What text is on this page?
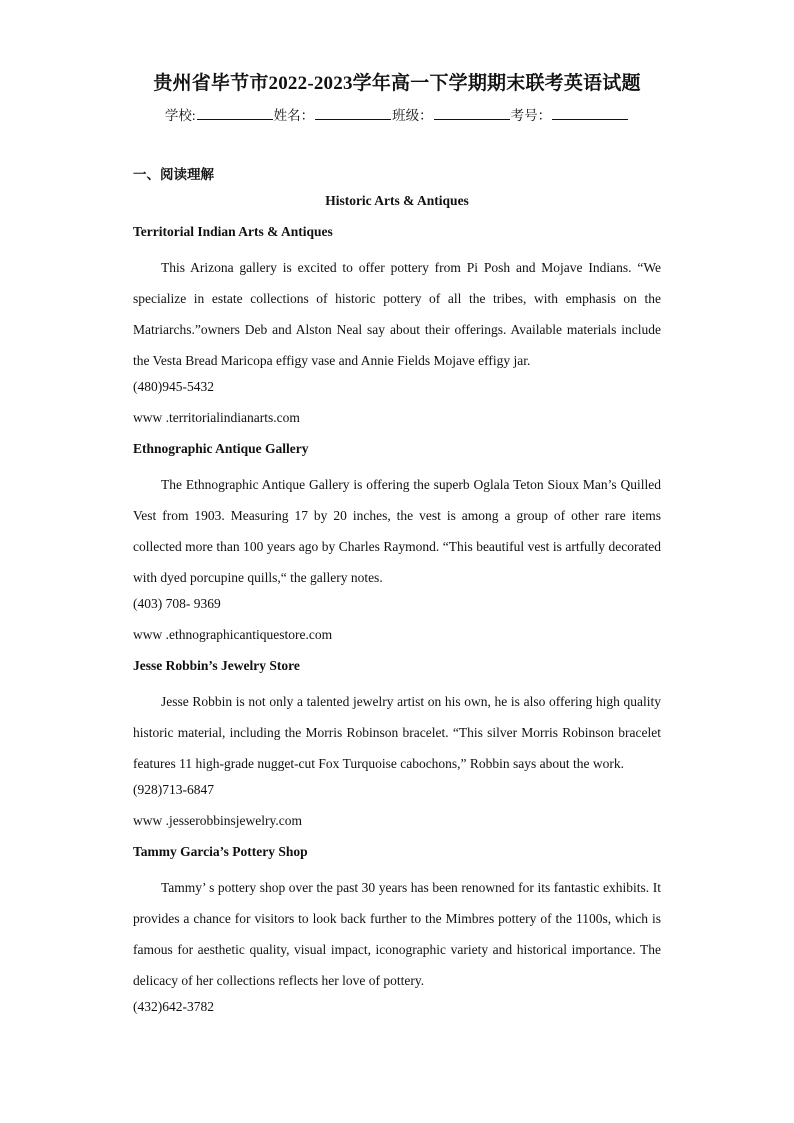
贵州省毕节市2022-2023学年高一下学期期末联考英语试题
学校:	姓名：	班级：	考号：
一、阅读理解
Historic Arts & Antiques
Territorial Indian Arts & Antiques

This Arizona gallery is excited to offer pottery from Pi Posh and Mojave Indians. “We specialize in estate collections of historic pottery of all the tribes, with emphasis on the Matriarchs.”owners Deb and Alston Neal say about their offerings. Available materials include the Vesta Bread Maricopa effigy vase and Annie Fields Mojave effigy jar.

(480)945-5432
www .territorialindianarts.com
Ethnographic Antique Gallery

The Ethnographic Antique Gallery is offering the superb Oglala Teton Sioux Man’s Quilled Vest from 1903. Measuring 17 by 20 inches, the vest is among a group of other rare items collected more than 100 years ago by Charles Raymond. “This beautiful vest is artfully decorated with dyed porcupine quills,“ the gallery notes.

(403) 708- 9369
www .ethnographicantiquestore.com
Jesse Robbin’s Jewelry Store

Jesse Robbin is not only a talented jewelry artist on his own, he is also offering high quality historic material, including the Morris Robinson bracelet. “This silver Morris Robinson bracelet features 11 high-grade nugget-cut Fox Turquoise cabochons,” Robbin says about the work.

(928)713-6847
www .jesserobbinsjewelry.com
Tammy Garcia’s Pottery Shop

Tammy’ s pottery shop over the past 30 years has been renowned for its fantastic exhibits. It provides a chance for visitors to look back further to the Mimbres pottery of the 1100s, which is famous for aesthetic quality, visual impact, iconographic variety and historical importance. The delicacy of her collections reflects her love of pottery.

(432)642-3782
